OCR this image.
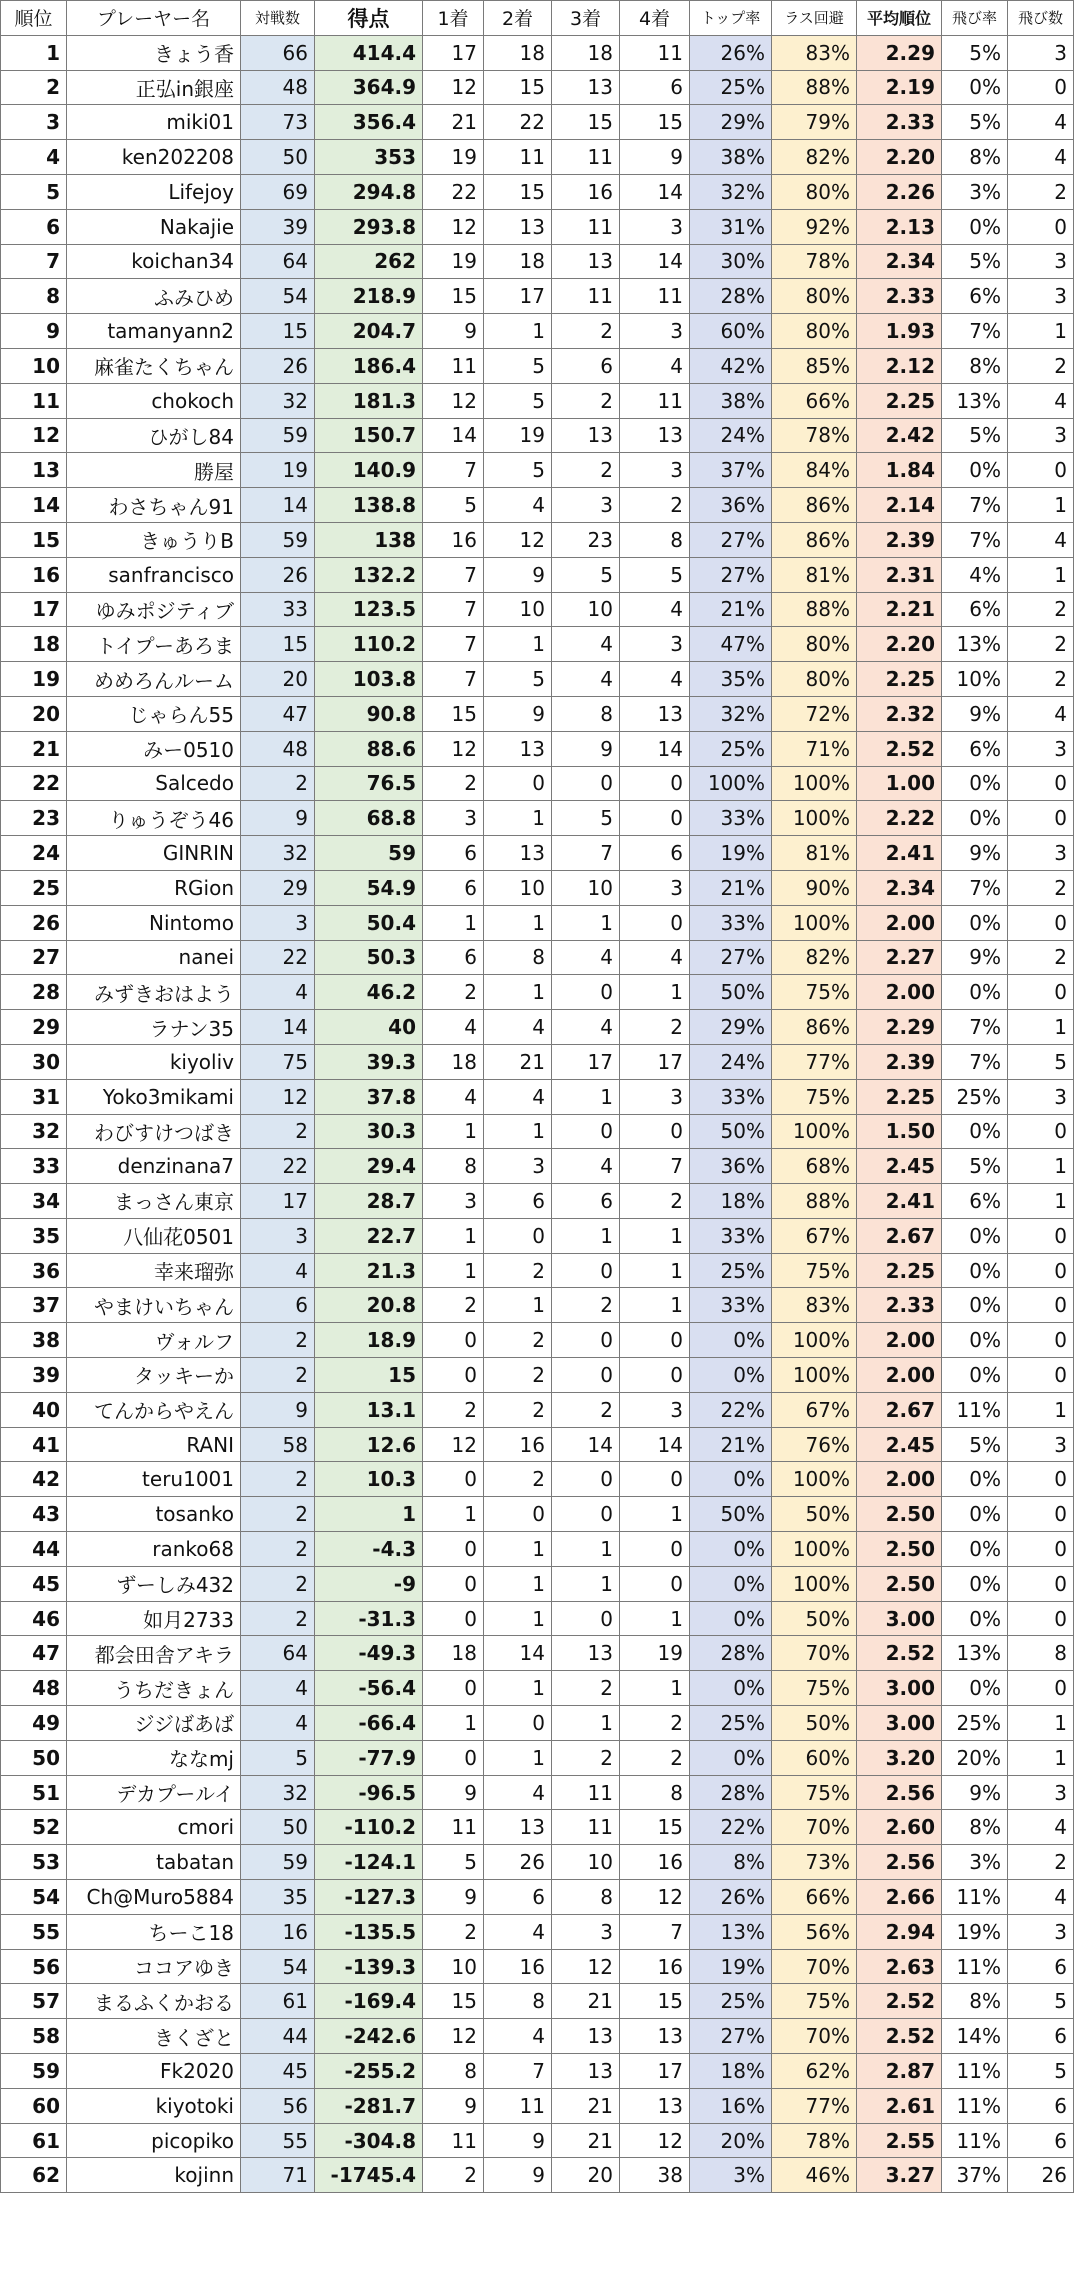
順位	プレーヤー名	対戦数	得点	1着	2着	3着	4着	トップ率	ラス回避	平均順位	飛び率	飛び数
1	きょう香	66	414.4	17	18	18	11	26%	83%	2.29	5%	3
2	正弘in銀座	48	364.9	12	15	13	6	25%	88%	2.19	0%	0
3	miki01	73	356.4	21	22	15	15	29%	79%	2.33	5%	4
4	ken202208	50	353	19	11	11	9	38%	82%	2.20	8%	4
5	Lifejoy	69	294.8	22	15	16	14	32%	80%	2.26	3%	2
6	Nakajie	39	293.8	12	13	11	3	31%	92%	2.13	0%	0
7	koichan34	64	262	19	18	13	14	30%	78%	2.34	5%	3
8	ふみひめ	54	218.9	15	17	11	11	28%	80%	2.33	6%	3
9	tamanyann2	15	204.7	9	1	2	3	60%	80%	1.93	7%	1
10	麻雀たくちゃん	26	186.4	11	5	6	4	42%	85%	2.12	8%	2
11	chokoch	32	181.3	12	5	2	11	38%	66%	2.25	13%	4
12	ひがし84	59	150.7	14	19	13	13	24%	78%	2.42	5%	3
13	勝屋	19	140.9	7	5	2	3	37%	84%	1.84	0%	0
14	わさちゃん91	14	138.8	5	4	3	2	36%	86%	2.14	7%	1
15	きゅうりB	59	138	16	12	23	8	27%	86%	2.39	7%	4
16	sanfrancisco	26	132.2	7	9	5	5	27%	81%	2.31	4%	1
17	ゆみポジティブ	33	123.5	7	10	10	4	21%	88%	2.21	6%	2
18	トイプーあろま	15	110.2	7	1	4	3	47%	80%	2.20	13%	2
19	めめろんルーム	20	103.8	7	5	4	4	35%	80%	2.25	10%	2
20	じゃらん55	47	90.8	15	9	8	13	32%	72%	2.32	9%	4
21	みー0510	48	88.6	12	13	9	14	25%	71%	2.52	6%	3
22	Salcedo	2	76.5	2	0	0	0	100%	100%	1.00	0%	0
23	りゅうぞう46	9	68.8	3	1	5	0	33%	100%	2.22	0%	0
24	GINRIN	32	59	6	13	7	6	19%	81%	2.41	9%	3
25	RGion	29	54.9	6	10	10	3	21%	90%	2.34	7%	2
26	Nintomo	3	50.4	1	1	1	0	33%	100%	2.00	0%	0
27	nanei	22	50.3	6	8	4	4	27%	82%	2.27	9%	2
28	みずきおはよう	4	46.2	2	1	0	1	50%	75%	2.00	0%	0
29	ラナン35	14	40	4	4	4	2	29%	86%	2.29	7%	1
30	kiyoliv	75	39.3	18	21	17	17	24%	77%	2.39	7%	5
31	Yoko3mikami	12	37.8	4	4	1	3	33%	75%	2.25	25%	3
32	わびすけつばき	2	30.3	1	1	0	0	50%	100%	1.50	0%	0
33	denzinana7	22	29.4	8	3	4	7	36%	68%	2.45	5%	1
34	まっさん東京	17	28.7	3	6	6	2	18%	88%	2.41	6%	1
35	八仙花0501	3	22.7	1	0	1	1	33%	67%	2.67	0%	0
36	幸来瑠弥	4	21.3	1	2	0	1	25%	75%	2.25	0%	0
37	やまけいちゃん	6	20.8	2	1	2	1	33%	83%	2.33	0%	0
38	ヴォルフ	2	18.9	0	2	0	0	0%	100%	2.00	0%	0
39	タッキーか	2	15	0	2	0	0	0%	100%	2.00	0%	0
40	てんからやえん	9	13.1	2	2	2	3	22%	67%	2.67	11%	1
41	RANI	58	12.6	12	16	14	14	21%	76%	2.45	5%	3
42	teru1001	2	10.3	0	2	0	0	0%	100%	2.00	0%	0
43	tosanko	2	1	1	0	0	1	50%	50%	2.50	0%	0
44	ranko68	2	-4.3	0	1	1	0	0%	100%	2.50	0%	0
45	ずーしみ432	2	-9	0	1	1	0	0%	100%	2.50	0%	0
46	如月2733	2	-31.3	0	1	0	1	0%	50%	3.00	0%	0
47	都会田舎アキラ	64	-49.3	18	14	13	19	28%	70%	2.52	13%	8
48	うちだきょん	4	-56.4	0	1	2	1	0%	75%	3.00	0%	0
49	ジジばあば	4	-66.4	1	0	1	2	25%	50%	3.00	25%	1
50	ななmj	5	-77.9	0	1	2	2	0%	60%	3.20	20%	1
51	デカプールイ	32	-96.5	9	4	11	8	28%	75%	2.56	9%	3
52	cmori	50	-110.2	11	13	11	15	22%	70%	2.60	8%	4
53	tabatan	59	-124.1	5	26	10	16	8%	73%	2.56	3%	2
54	Ch@Muro5884	35	-127.3	9	6	8	12	26%	66%	2.66	11%	4
55	ちーこ18	16	-135.5	2	4	3	7	13%	56%	2.94	19%	3
56	ココアゆき	54	-139.3	10	16	12	16	19%	70%	2.63	11%	6
57	まるふくかおる	61	-169.4	15	8	21	15	25%	75%	2.52	8%	5
58	きくざと	44	-242.6	12	4	13	13	27%	70%	2.52	14%	6
59	Fk2020	45	-255.2	8	7	13	17	18%	62%	2.87	11%	5
60	kiyotoki	56	-281.7	9	11	21	13	16%	77%	2.61	11%	6
61	picopiko	55	-304.8	11	9	21	12	20%	78%	2.55	11%	6
62	kojinn	71	-1745.4	2	9	20	38	3%	46%	3.27	37%	26
